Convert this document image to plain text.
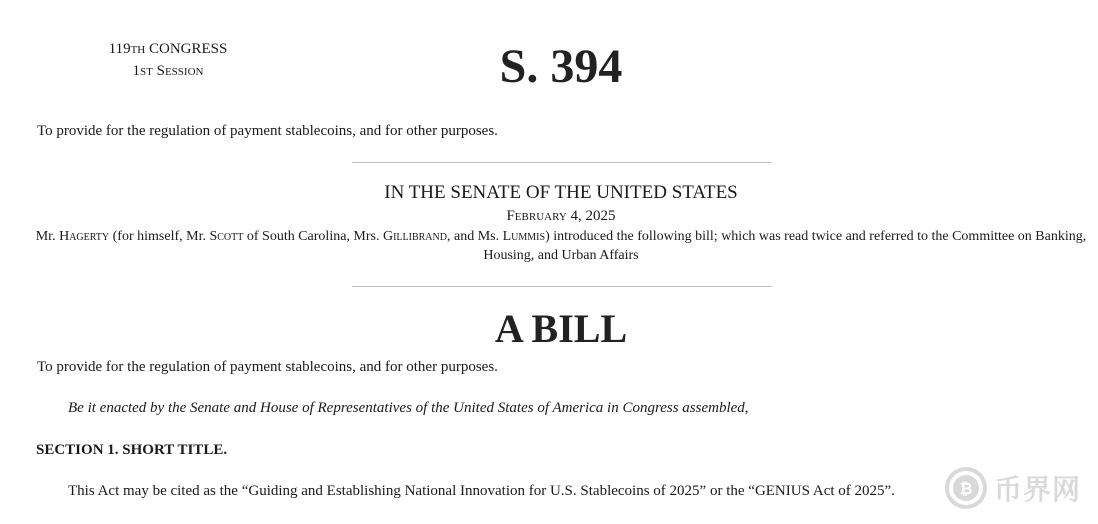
119th CONGRESS
1st Session	S. 394
To provide for the regulation of payment stablecoins, and for other purposes.
IN THE SENATE OF THE UNITED STATES
February 4, 2025
Mr. Hagerty (for himself, Mr. Scott of South Carolina, Mrs. Gillibrand, and Ms. Lummis) introduced the following bill; which was read twice and referred to the Committee on Banking, Housing, and Urban Affairs
A BILL
To provide for the regulation of payment stablecoins, and for other purposes.
Be it enacted by the Senate and House of Representatives of the United States of America in Congress assembled,
SECTION 1. SHORT TITLE.
This Act may be cited as the “Guiding and Establishing National Innovation for U.S. Stablecoins of 2025” or the “GENIUS Act of 2025”.	₿ 币界网
